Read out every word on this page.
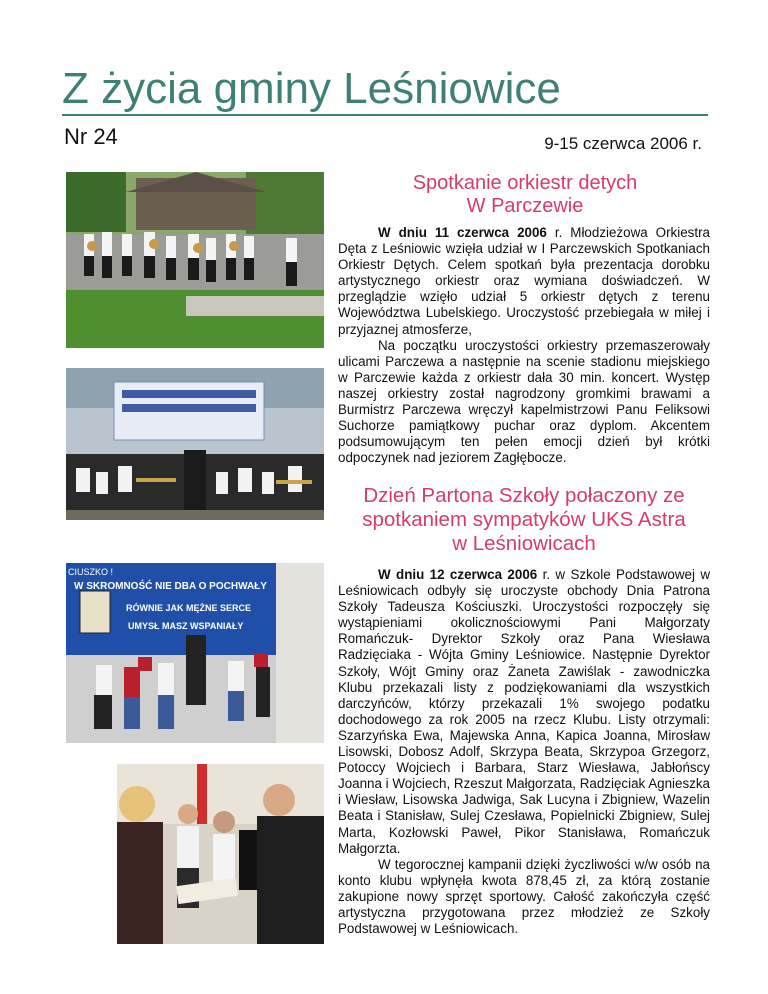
Z życia gminy Leśniowice
Nr 24	9-15 czerwca 2006 r.
CIUSZKO !
W SKROMNOŚĆ NIE DBA O POCHWAŁY
RÓWNIE JAK MĘŻNE SERCE
UMYSŁ MASZ WSPANIAŁY
Spotkanie orkiestr detych
W Parczewie

W dniu 11 czerwca 2006 r. Młodzieżowa Orkiestra Dęta z Leśniowic wzięła udział w I Parczewskich Spotkaniach Orkiestr Dętych. Celem spotkań była prezentacja dorobku artystycznego orkiestr oraz wymiana doświadczeń. W przeglądzie wzięło udział 5 orkiestr dętych z terenu Województwa Lubelskiego. Uroczystość przebiegała w miłej i przyjaznej atmosferze,

Na początku uroczystości orkiestry przemaszerowały ulicami Parczewa a następnie na scenie stadionu miejskiego w Parczewie każda z orkiestr dała 30 min. koncert. Występ naszej orkiestry został nagrodzony gromkimi brawami a Burmistrz Parczewa wręczył kapelmistrzowi Panu Feliksowi Suchorze pamiątkowy puchar oraz dyplom. Akcentem podsumowującym ten pełen emocji dzień był krótki odpoczynek nad jeziorem Zagłębocze.

Dzień Partona Szkoły połaczony ze
spotkaniem sympatyków UKS Astra
w Leśniowicach

W dniu 12 czerwca 2006 r. w Szkole Podstawowej w Leśniowicach odbyły się uroczyste obchody Dnia Patrona Szkoły Tadeusza Kościuszki. Uroczystości rozpoczęły się wystąpieniami okolicznościowymi Pani Małgorzaty Romańczuk- Dyrektor Szkoły oraz Pana Wiesława Radzięciaka - Wójta Gminy Leśniowice. Następnie Dyrektor Szkoły, Wójt Gminy oraz Żaneta Zawiślak - zawodniczka Klubu przekazali listy z podziękowaniami dla wszystkich darczyńców, którzy przekazali 1% swojego podatku dochodowego za rok 2005 na rzecz Klubu. Listy otrzymali: Szarzyńska Ewa, Majewska Anna, Kapica Joanna, Mirosław Lisowski, Dobosz Adolf, Skrzypa Beata, Skrzypoa Grzegorz, Potoccy Wojciech i Barbara, Starz Wiesława, Jabłońscy Joanna i Wojciech, Rzeszut Małgorzata, Radzięciak Agnieszka i Wiesław, Lisowska Jadwiga, Sak Lucyna i Zbigniew, Wazelin Beata i Stanisław, Sulej Czesława, Popielnicki Zbigniew, Sulej Marta, Kozłowski Paweł, Pikor Stanisława, Romańczuk Małgorzta.

W tegorocznej kampanii dzięki życzliwości w/w osób na konto klubu wpłynęła kwota 878,45 zł, za którą zostanie zakupione nowy sprzęt sportowy. Całość zakończyła część artystyczna przygotowana przez młodzież ze Szkoły Podstawowej w Leśniowicach.
